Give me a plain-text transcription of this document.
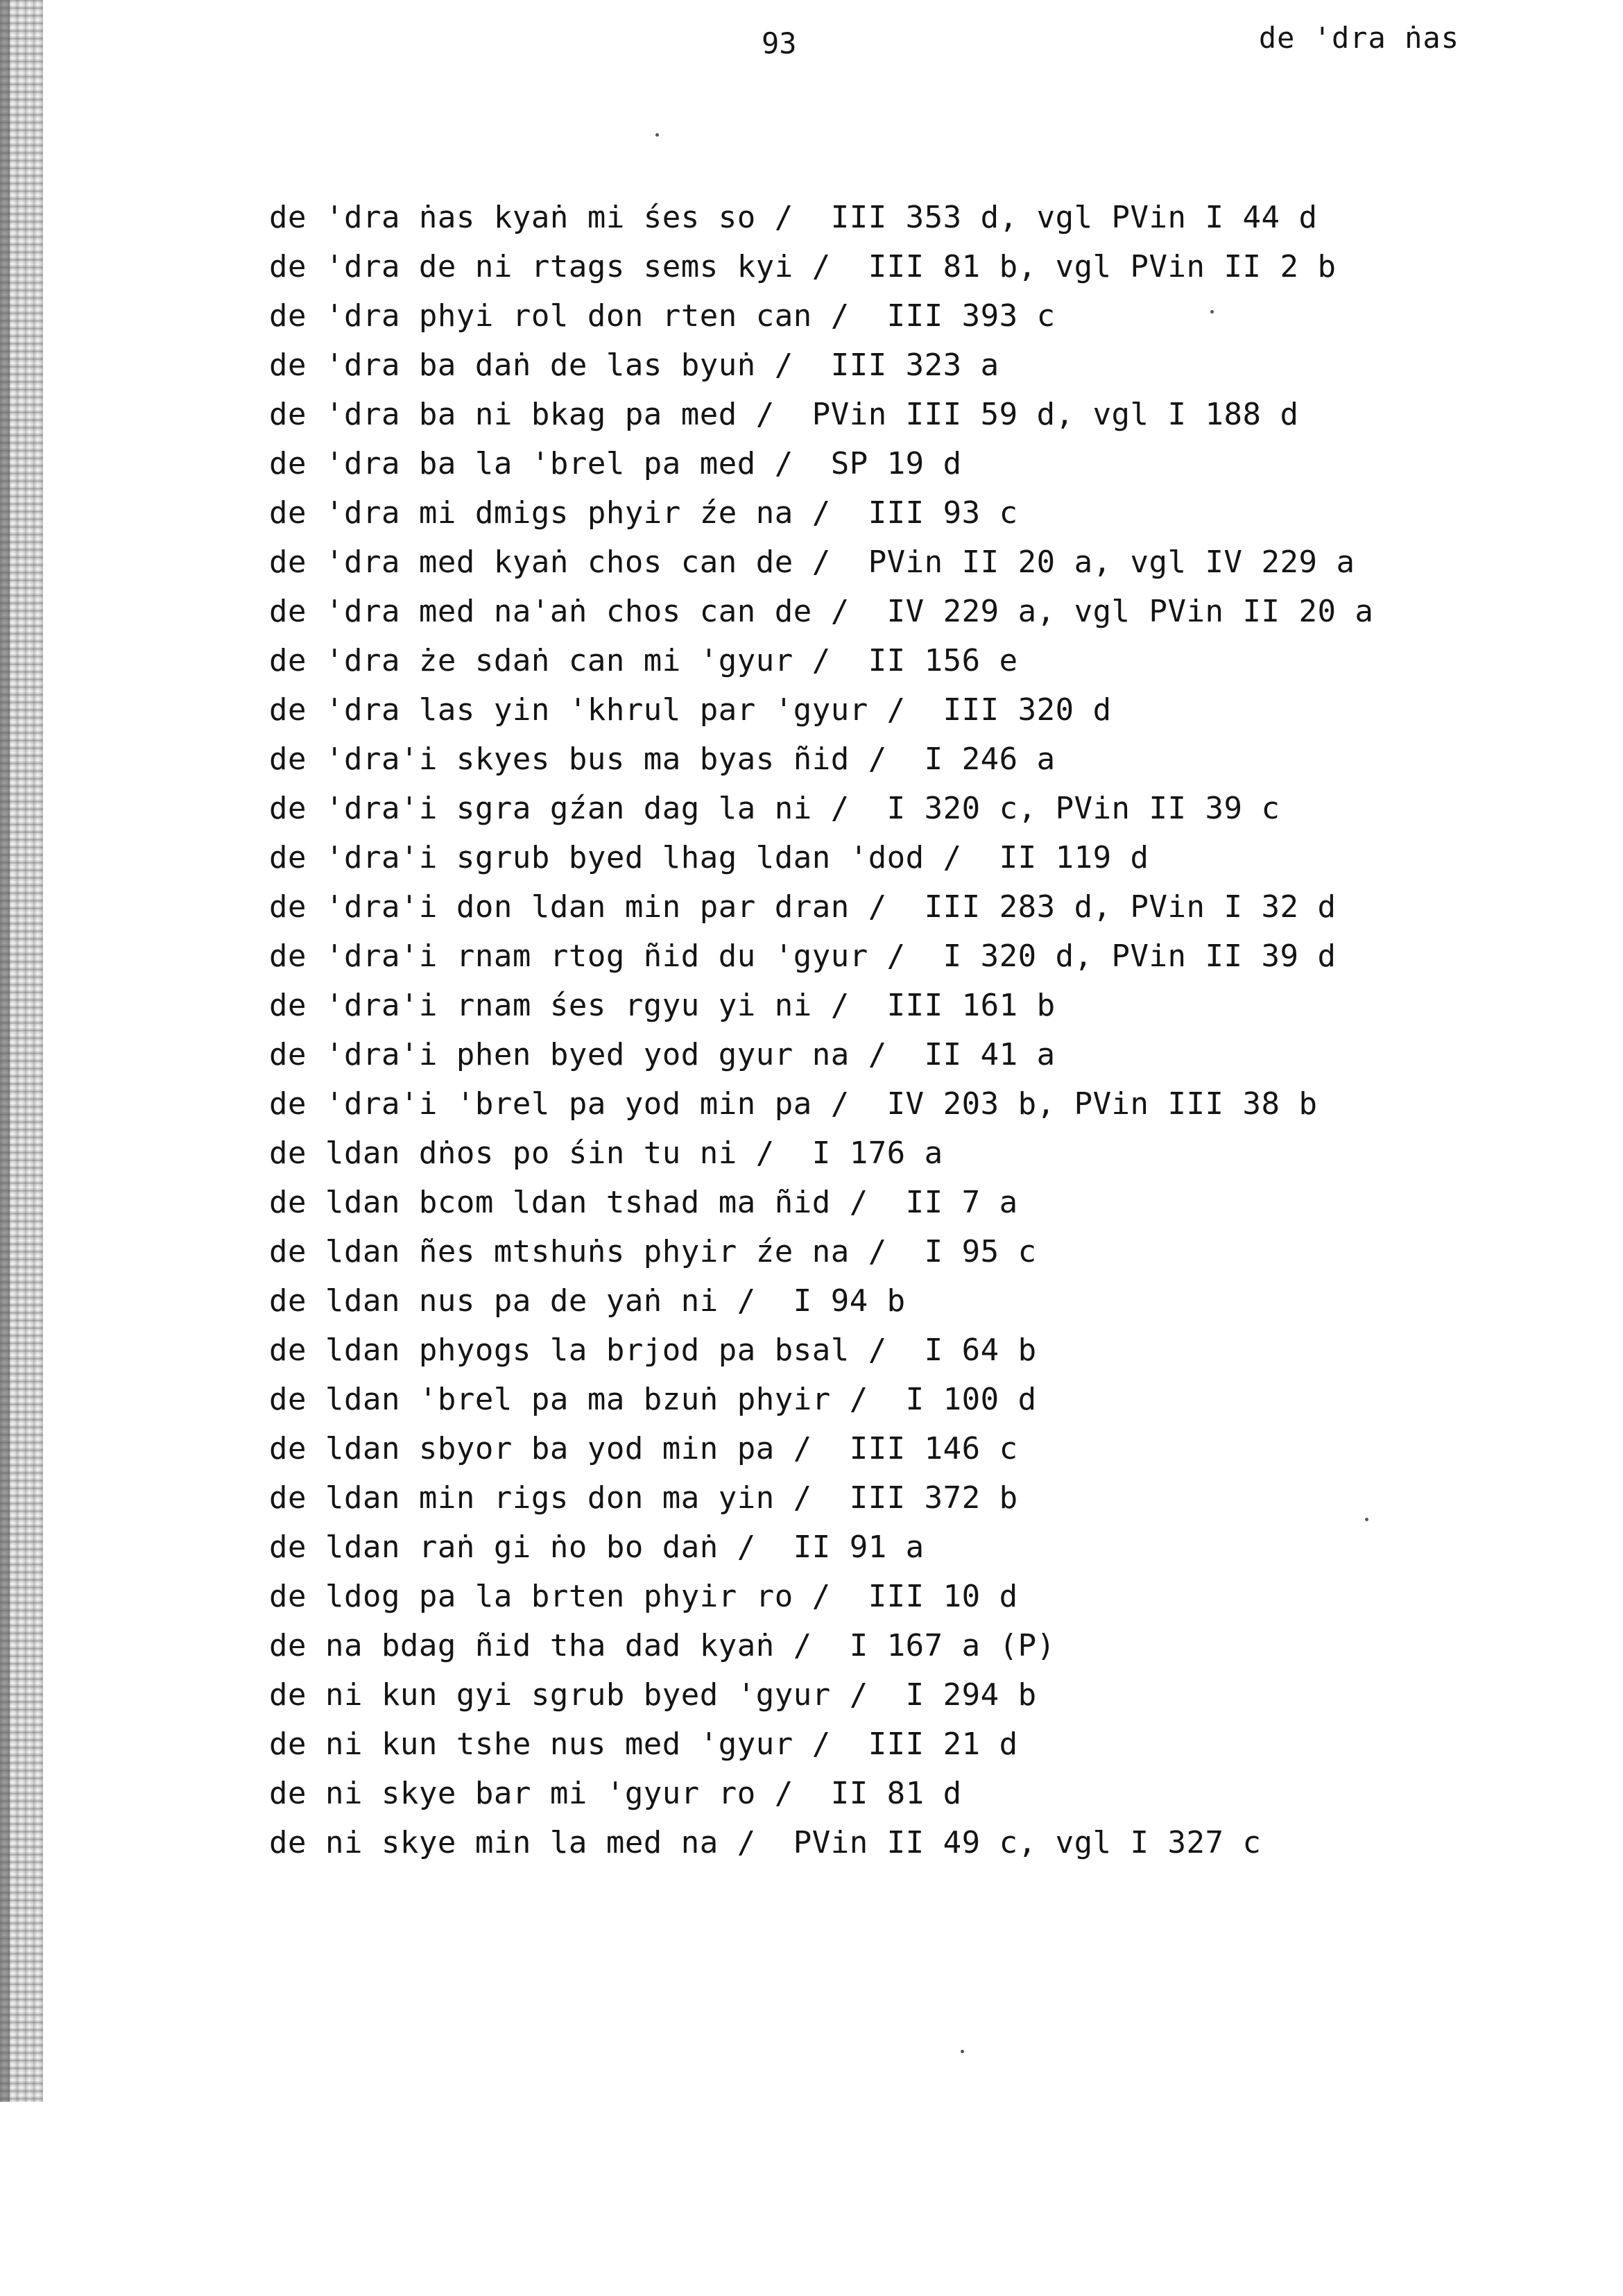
93	de 'dra ṅas
de 'dra ṅas kyaṅ mi śes so /  III 353 d, vgl PVin I 44 d
de 'dra de ni rtags sems kyi /  III 81 b, vgl PVin II 2 b
de 'dra phyi rol don rten can /  III 393 c
de 'dra ba daṅ de las byuṅ /  III 323 a
de 'dra ba ni bkag pa med /  PVin III 59 d, vgl I 188 d
de 'dra ba la 'brel pa med /  SP 19 d
de 'dra mi dmigs phyir źe na /  III 93 c
de 'dra med kyaṅ chos can de /  PVin II 20 a, vgl IV 229 a
de 'dra med na'aṅ chos can de /  IV 229 a, vgl PVin II 20 a
de 'dra że sdaṅ can mi 'gyur /  II 156 e
de 'dra las yin 'khrul par 'gyur /  III 320 d
de 'dra'i skyes bus ma byas ñid /  I 246 a
de 'dra'i sgra gźan dag la ni /  I 320 c, PVin II 39 c
de 'dra'i sgrub byed lhag ldan 'dod /  II 119 d
de 'dra'i don ldan min par dran /  III 283 d, PVin I 32 d
de 'dra'i rnam rtog ñid du 'gyur /  I 320 d, PVin II 39 d
de 'dra'i rnam śes rgyu yi ni /  III 161 b
de 'dra'i phen byed yod gyur na /  II 41 a
de 'dra'i 'brel pa yod min pa /  IV 203 b, PVin III 38 b
de ldan dṅos po śin tu ni /  I 176 a
de ldan bcom ldan tshad ma ñid /  II 7 a
de ldan ñes mtshuṅs phyir źe na /  I 95 c
de ldan nus pa de yaṅ ni /  I 94 b
de ldan phyogs la brjod pa bsal /  I 64 b
de ldan 'brel pa ma bzuṅ phyir /  I 100 d
de ldan sbyor ba yod min pa /  III 146 c
de ldan min rigs don ma yin /  III 372 b
de ldan raṅ gi ṅo bo daṅ /  II 91 a
de ldog pa la brten phyir ro /  III 10 d
de na bdag ñid tha dad kyaṅ /  I 167 a (P)
de ni kun gyi sgrub byed 'gyur /  I 294 b
de ni kun tshe nus med 'gyur /  III 21 d
de ni skye bar mi 'gyur ro /  II 81 d
de ni skye min la med na /  PVin II 49 c, vgl I 327 c
